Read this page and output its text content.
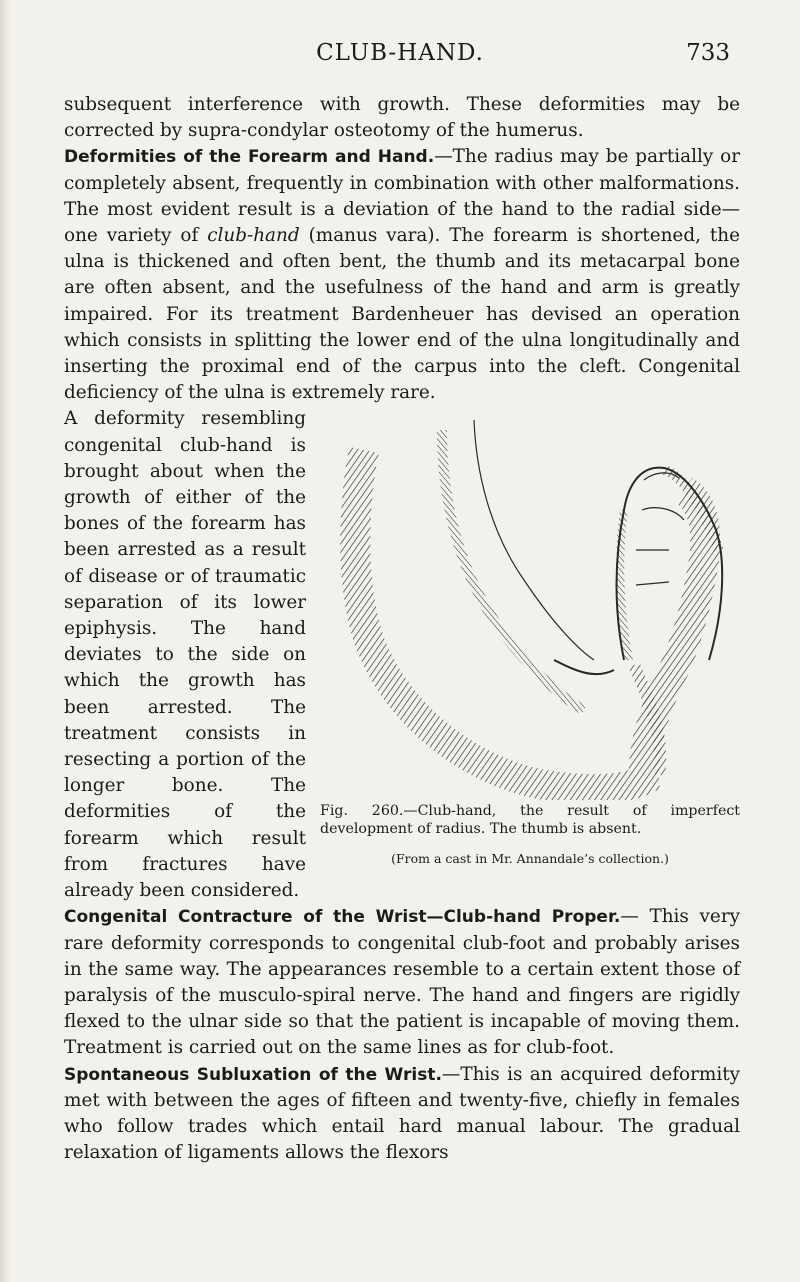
CLUB-HAND.	733

subsequent interference with growth. These deformities may be corrected by supra-condylar osteotomy of the humerus.

Deformities of the Forearm and Hand.—The radius may be partially or completely absent, frequently in combination with other malformations. The most evident result is a deviation of the hand to the radial side—one variety of club-hand (manus vara). The forearm is shortened, the ulna is thickened and often bent, the thumb and its metacarpal bone are often absent, and the usefulness of the hand and arm is greatly impaired. For its treatment Bardenheuer has devised an operation which consists in splitting the lower end of the ulna longitudinally and inserting the proximal end of the carpus into the cleft. Congenital deficiency of the ulna is extremely rare.

Fig. 260.—Club-hand, the result of imperfect development of radius. The thumb is absent.
(From a cast in Mr. Annandale’s collection.)

A deformity resembling congenital club-hand is brought about when the growth of either of the bones of the forearm has been arrested as a result of disease or of traumatic separation of its lower epiphysis. The hand deviates to the side on which the growth has been arrested. The treatment consists in resecting a portion of the longer bone. The deformities of the forearm which result from fractures have already been considered.

Congenital Contracture of the Wrist—Club-hand Proper.— This very rare deformity corresponds to congenital club-foot and probably arises in the same way. The appearances resemble to a certain extent those of paralysis of the musculo-spiral nerve. The hand and fingers are rigidly flexed to the ulnar side so that the patient is incapable of moving them. Treatment is carried out on the same lines as for club-foot.

Spontaneous Subluxation of the Wrist.—This is an acquired deformity met with between the ages of fifteen and twenty-five, chiefly in females who follow trades which entail hard manual labour. The gradual relaxation of ligaments allows the flexors
